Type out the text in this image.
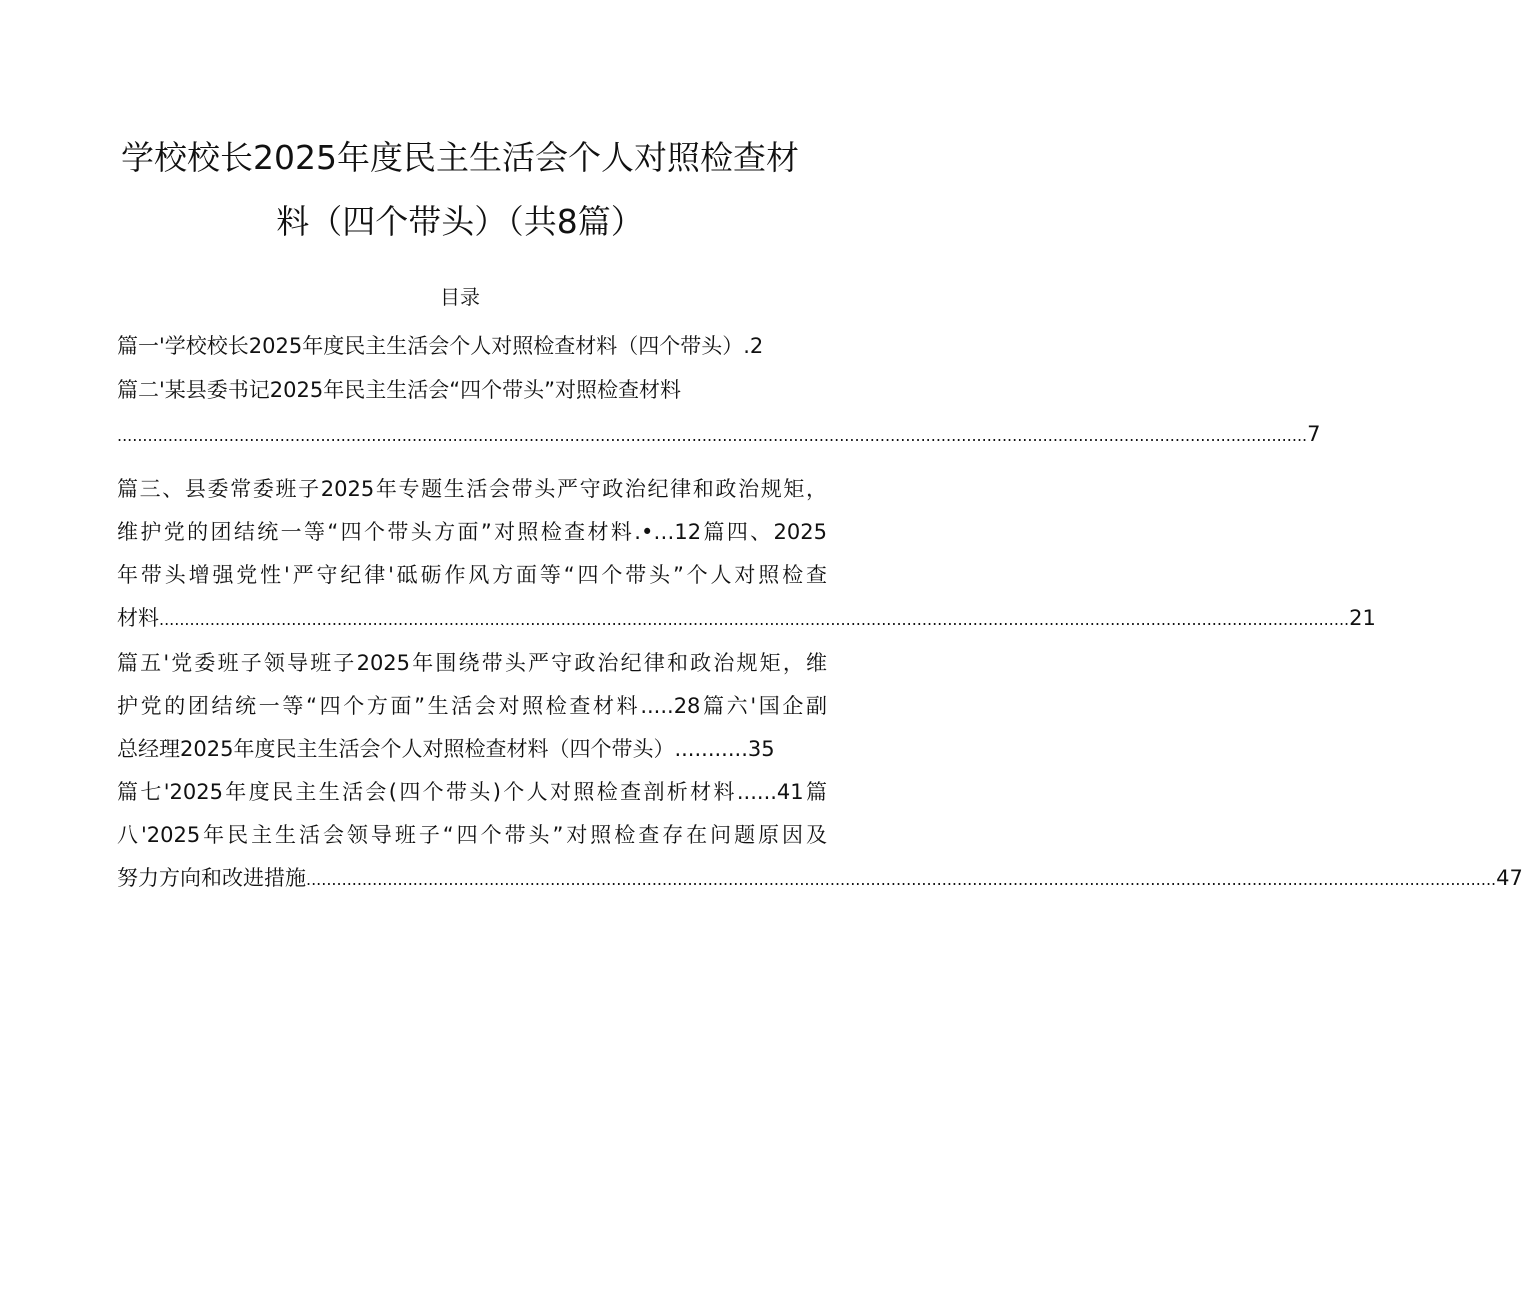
学校校长2025年度民主生活会个人对照检查材
料（四个带头）（共8篇）
目录
篇一'学校校长2025年度民主生活会个人对照检查材料（四个带头）.2
篇二'某县委书记2025年民主生活会“四个带头”对照检查材料
.......................................................................................................................................................................................................................................... 7
篇三、县委常委班子2025年专题生活会带头严守政治纪律和政治规矩，
维护党的团结统一等“四个带头方面”对照检查材料.•…12篇四、2025
年带头增强党性'严守纪律'砥砺作风方面等“四个带头”个人对照检查
材料 .......................................................................................................................................................................................................................................... 21
篇五'党委班子领导班子2025年围绕带头严守政治纪律和政治规矩，维
护党的团结统一等“四个方面”生活会对照检查材料.....28篇六'国企副
总经理2025年度民主生活会个人对照检查材料（四个带头）...........35
篇七'2025年度民主生活会(四个带头)个人对照检查剖析材料......41篇
八'2025年民主生活会领导班子“四个带头”对照检查存在问题原因及
努力方向和改进措施 .......................................................................................................................................................................................................................................... 47
